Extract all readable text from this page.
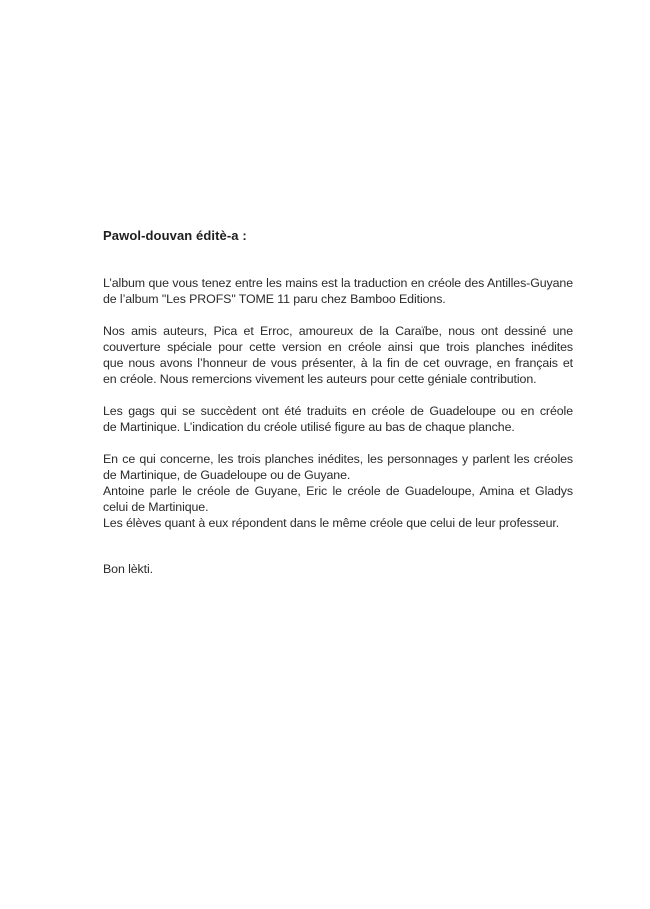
Pawol-douvan éditè-a :
L’album que vous tenez entre les mains est la traduction en créole des Antilles-Guyane
de l’album "Les PROFS" TOME 11 paru chez Bamboo Editions.
Nos amis auteurs, Pica et Erroc, amoureux de la Caraïbe, nous ont dessiné une
couverture spéciale pour cette version en créole ainsi que trois planches inédites
que nous avons l’honneur de vous présenter, à la fin de cet ouvrage, en français et
en créole. Nous remercions vivement les auteurs pour cette géniale contribution.
Les gags qui se succèdent ont été traduits en créole de Guadeloupe ou en créole
de Martinique. L’indication du créole utilisé figure au bas de chaque planche.
En ce qui concerne, les trois planches inédites, les personnages y parlent les créoles
de Martinique, de Guadeloupe ou de Guyane.
Antoine parle le créole de Guyane, Eric le créole de Guadeloupe, Amina et Gladys
celui de Martinique.
Les élèves quant à eux répondent dans le même créole que celui de leur professeur.
Bon lèkti.
